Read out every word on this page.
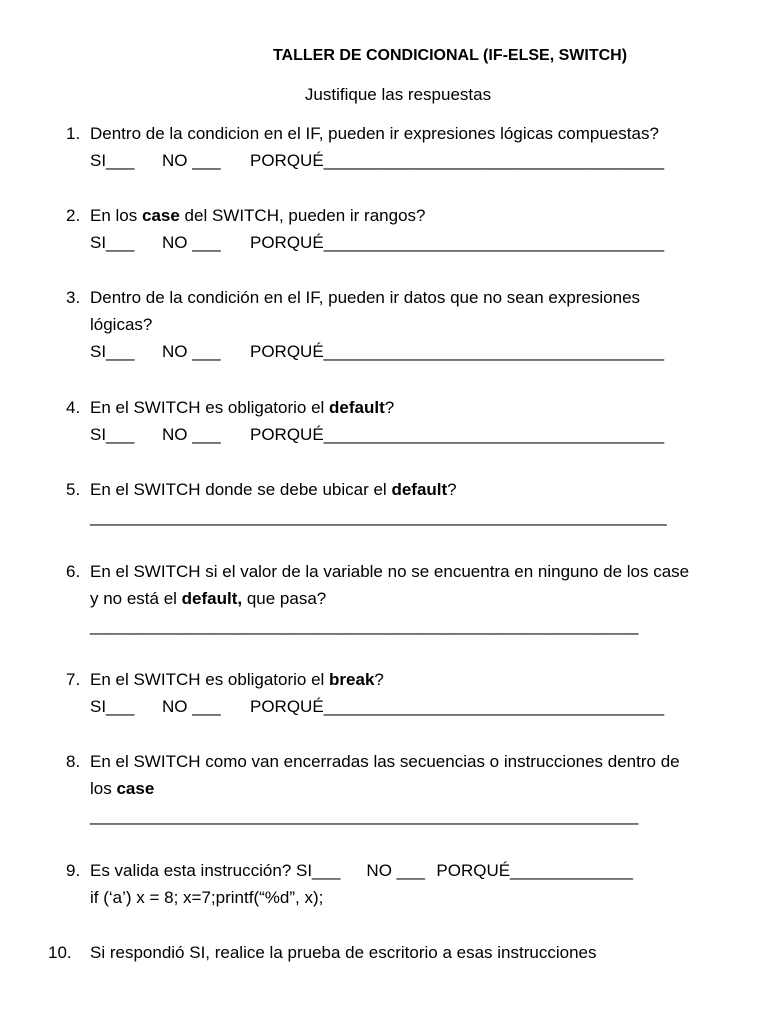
TALLER DE CONDICIONAL (IF-ELSE, SWITCH)
Justifique las respuestas
1. Dentro de la condicion en el IF, pueden ir expresiones lógicas compuestas?
SI___ NO ___ PORQUÉ____________________________________
2. En los case del SWITCH, pueden ir rangos?
SI___ NO ___ PORQUÉ____________________________________
3. Dentro de la condición en el IF, pueden ir datos que no sean expresiones
lógicas?
SI___ NO ___ PORQUÉ____________________________________
4. En el SWITCH es obligatorio el default?
SI___ NO ___ PORQUÉ____________________________________
5. En el SWITCH donde se debe ubicar el default?
_____________________________________________________________
6. En el SWITCH si el valor de la variable no se encuentra en ninguno de los case
y no está el default, que pasa?
__________________________________________________________
7. En el SWITCH es obligatorio el break?
SI___ NO ___ PORQUÉ____________________________________
8. En el SWITCH como van encerradas las secuencias o instrucciones dentro de
los case
__________________________________________________________
9. Es valida esta instrucción? SI___ NO ___ PORQUÉ_____________
if (‘a’) x = 8; x=7;printf(“%d”, x);
10. Si respondió SI, realice la prueba de escritorio a esas instrucciones
